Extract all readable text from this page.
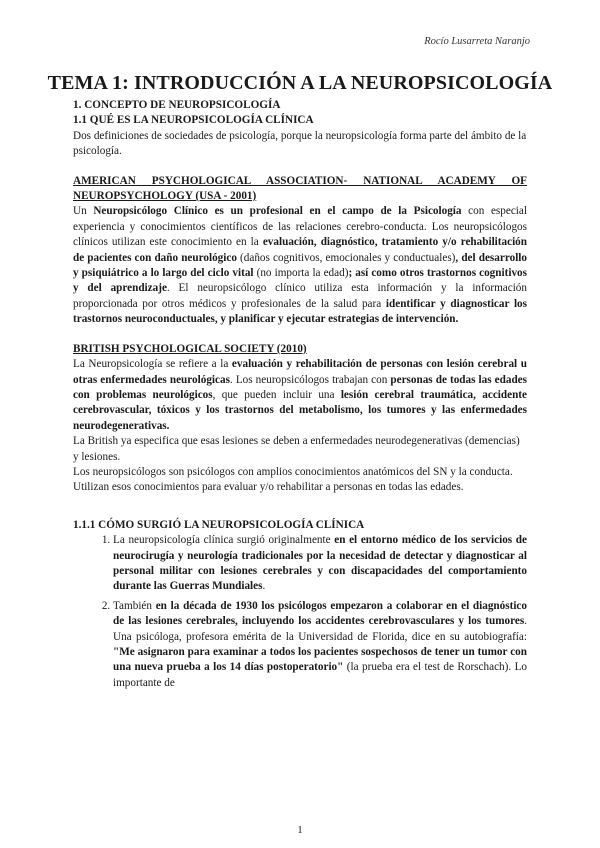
Rocío Lusarreta Naranjo
TEMA 1: INTRODUCCIÓN A LA NEUROPSICOLOGÍA

1. CONCEPTO DE NEUROPSICOLOGÍA

1.1 QUÉ ES LA NEUROPSICOLOGÍA CLÍNICA

Dos definiciones de sociedades de psicología, porque la neuropsicología forma parte del ámbito de la psicología.

AMERICAN PSYCHOLOGICAL ASSOCIATION- NATIONAL ACADEMY OF

NEUROPSYCHOLOGY (USA - 2001)

Un Neuropsicólogo Clínico es un profesional en el campo de la Psicología con especial experiencia y conocimientos científicos de las relaciones cerebro-conducta. Los neuropsicólogos clínicos utilizan este conocimiento en la evaluación, diagnóstico, tratamiento y/o rehabilitación de pacientes con daño neurológico (daños cognitivos, emocionales y conductuales), del desarrollo y psiquiátrico a lo largo del ciclo vital (no importa la edad); así como otros trastornos cognitivos y del aprendizaje. El neuropsicólogo clínico utiliza esta información y la información proporcionada por otros médicos y profesionales de la salud para identificar y diagnosticar los trastornos neuroconductuales, y planificar y ejecutar estrategias de intervención.

BRITISH PSYCHOLOGICAL SOCIETY (2010)

La Neuropsicología se refiere a la evaluación y rehabilitación de personas con lesión cerebral u otras enfermedades neurológicas. Los neuropsicólogos trabajan con personas de todas las edades con problemas neurológicos, que pueden incluir una lesión cerebral traumática, accidente cerebrovascular, tóxicos y los trastornos del metabolismo, los tumores y las enfermedades neurodegenerativas.

La British ya especifica que esas lesiones se deben a enfermedades neurodegenerativas (demencias) y lesiones.

Los neuropsicólogos son psicólogos con amplios conocimientos anatómicos del SN y la conducta. Utilizan esos conocimientos para evaluar y/o rehabilitar a personas en todas las edades.

1.1.1 CÓMO SURGIÓ LA NEUROPSICOLOGÍA CLÍNICA

1. La neuropsicología clínica surgió originalmente en el entorno médico de los servicios de neurocirugía y neurología tradicionales por la necesidad de detectar y diagnosticar al personal militar con lesiones cerebrales y con discapacidades del comportamiento durante las Guerras Mundiales.
2. También en la década de 1930 los psicólogos empezaron a colaborar en el diagnóstico de las lesiones cerebrales, incluyendo los accidentes cerebrovasculares y los tumores. Una psicóloga, profesora emérita de la Universidad de Florida, dice en su autobiografía: "Me asignaron para examinar a todos los pacientes sospechosos de tener un tumor con una nueva prueba a los 14 días postoperatorio" (la prueba era el test de Rorschach). Lo importante de
1
